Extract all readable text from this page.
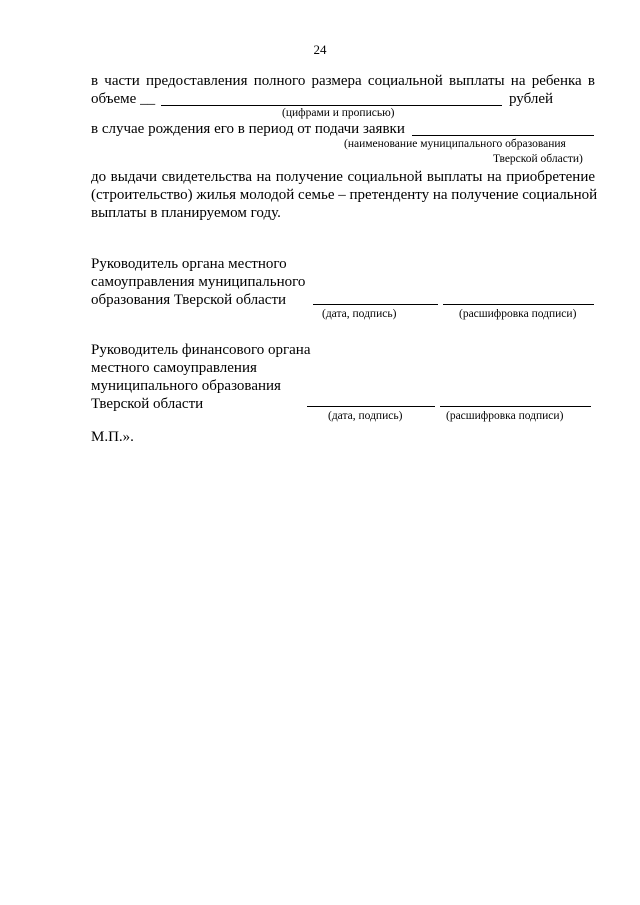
24
в части предоставления полного размера социальной выплаты на ребенка в
объеме __	рублей
(цифрами и прописью)
в случае рождения его в период от подачи заявки
(наименование муниципального образования
Тверской области)
до выдачи свидетельства на получение социальной выплаты на приобретение
(строительство) жилья молодой семье – претенденту на получение социальной
выплаты в планируемом году.
Руководитель органа местного
самоуправления муниципального
образования Тверской области
(дата, подпись)	(расшифровка подписи)
Руководитель финансового органа
местного самоуправления
муниципального образования
Тверской области
(дата, подпись)	(расшифровка подписи)
М.П.».
